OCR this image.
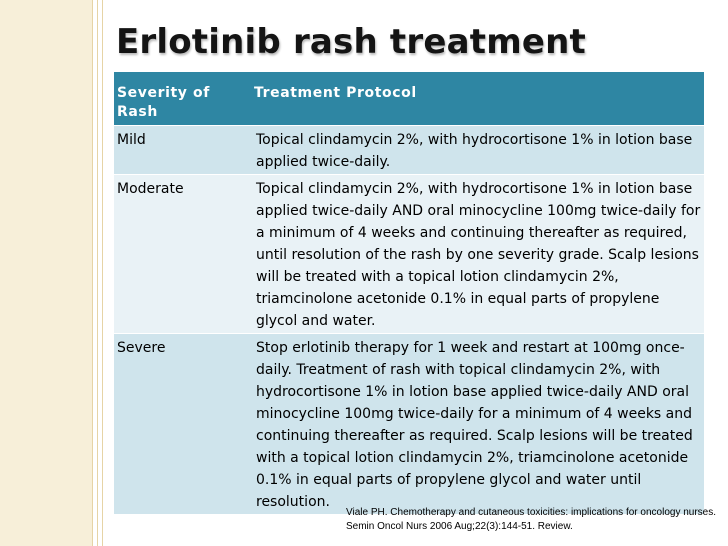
Erlotinib rash treatment
Severity of Rash	Treatment Protocol
Mild	Topical clindamycin 2%, with hydrocortisone 1% in lotion base applied twice-daily.
Moderate	Topical clindamycin 2%, with hydrocortisone 1% in lotion base applied twice-daily AND oral minocycline 100mg twice-daily for a minimum of 4 weeks and continuing thereafter as required, until resolution of the rash by one severity grade. Scalp lesions will be treated with a topical lotion clindamycin 2%, triamcinolone acetonide 0.1% in equal parts of propylene glycol and water.
Severe	Stop erlotinib therapy for 1 week and restart at 100mg once-daily. Treatment of rash with topical clindamycin 2%, with hydrocortisone 1% in lotion base applied twice-daily AND oral minocycline 100mg twice-daily for a minimum of 4 weeks and continuing thereafter as required. Scalp lesions will be treated with a topical lotion clindamycin 2%, triamcinolone acetonide 0.1% in equal parts of propylene glycol and water until resolution.
Viale PH. Chemotherapy and cutaneous toxicities: implications for oncology nurses. Semin Oncol Nurs 2006 Aug;22(3):144-51. Review.
